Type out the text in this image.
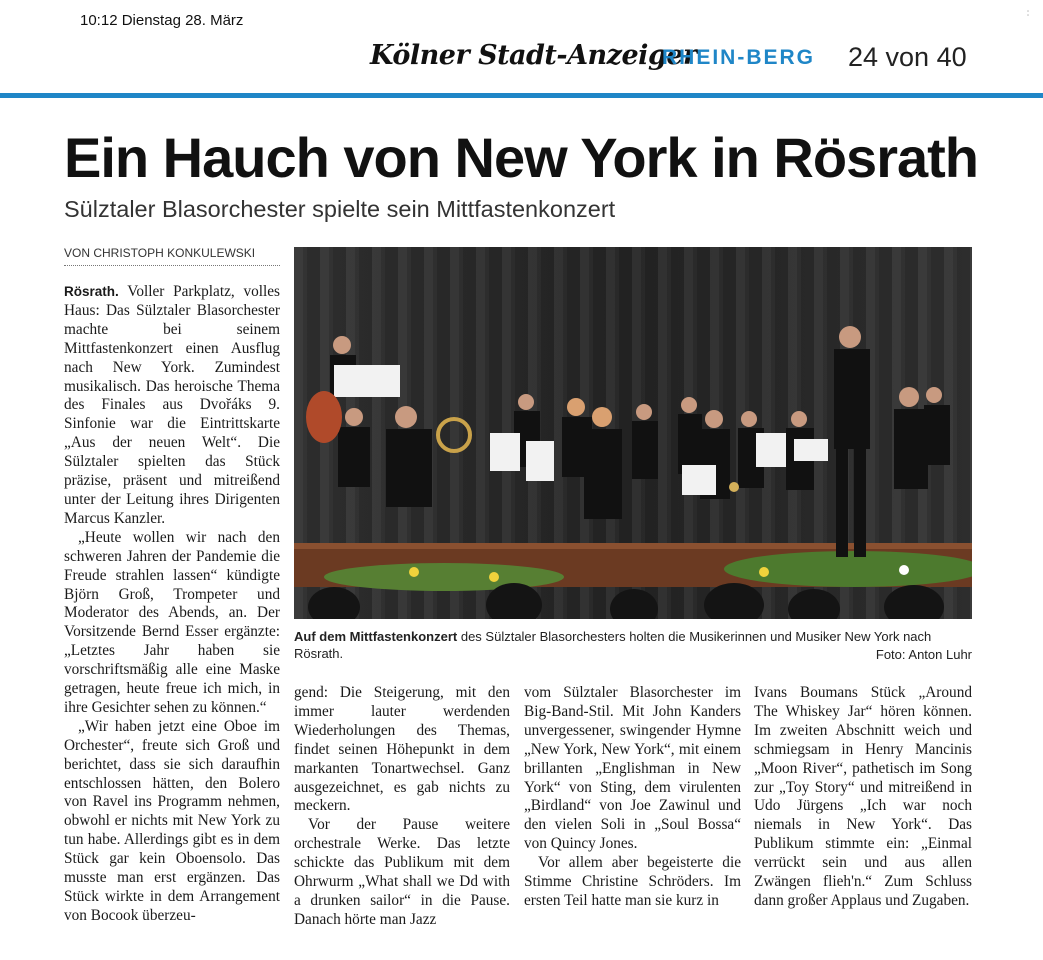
10:12 Dienstag 28. März
Kölner Stadt-Anzeiger
RHEIN-BERG 24 von 40
Ein Hauch von New York in Rösrath
Sülztaler Blasorchester spielte sein Mittfastenkonzert
VON CHRISTOPH KONKULEWSKI

Rösrath. Voller Parkplatz, volles Haus: Das Sülztaler Blasorchester machte bei seinem Mittfastenkonzert einen Ausflug nach New York. Zumindest musikalisch. Das heroische Thema des Finales aus Dvořáks 9. Sinfonie war die Eintrittskarte „Aus der neuen Welt“. Die Sülztaler spielten das Stück präzise, präsent und mitreißend unter der Leitung ihres Dirigenten Marcus Kanzler.

„Heute wollen wir nach den schweren Jahren der Pandemie die Freude strahlen lassen“ kündigte Björn Groß, Trompeter und Moderator des Abends, an. Der Vorsitzende Bernd Esser ergänzte: „Letztes Jahr haben sie vorschriftsmäßig alle eine Maske getragen, heute freue ich mich, in ihre Gesichter sehen zu können.“

„Wir haben jetzt eine Oboe im Orchester“, freute sich Groß und berichtet, dass sie sich daraufhin entschlossen hätten, den Bolero von Ravel ins Programm nehmen, obwohl er nichts mit New York zu tun habe. Allerdings gibt es in dem Stück gar kein Oboensolo. Das musste man erst ergänzen. Das Stück wirkte in dem Arrangement von Bocook überzeu-

Auf dem Mittfastenkonzert des Sülztaler Blasorchesters holten die Musikerinnen und Musiker New York nach Rösrath.	Foto: Anton Luhr

gend: Die Steigerung, mit den immer lauter werdenden Wiederholungen des Themas, findet seinen Höhepunkt in dem markanten Tonartwechsel. Ganz ausgezeichnet, es gab nichts zu meckern.

Vor der Pause weitere orchestrale Werke. Das letzte schickte das Publikum mit dem Ohrwurm „What shall we Dd with a drunken sailor“ in die Pause. Danach hörte man Jazz

vom Sülztaler Blasorchester im Big-Band-Stil. Mit John Kanders unvergessener, swingender Hymne „New York, New York“, mit einem brillanten „Englishman in New York“ von Sting, dem virulenten „Birdland“ von Joe Zawinul und den vielen Soli in „Soul Bossa“ von Quincy Jones.

Vor allem aber begeisterte die Stimme Christine Schröders. Im ersten Teil hatte man sie kurz in

Ivans Boumans Stück „Around The Whiskey Jar“ hören können. Im zweiten Abschnitt weich und schmiegsam in Henry Mancinis „Moon River“, pathetisch im Song zur „Toy Story“ und mitreißend in Udo Jürgens „Ich war noch niemals in New York“. Das Publikum stimmte ein: „Einmal verrückt sein und aus allen Zwängen flieh'n.“ Zum Schluss dann großer Applaus und Zugaben.
